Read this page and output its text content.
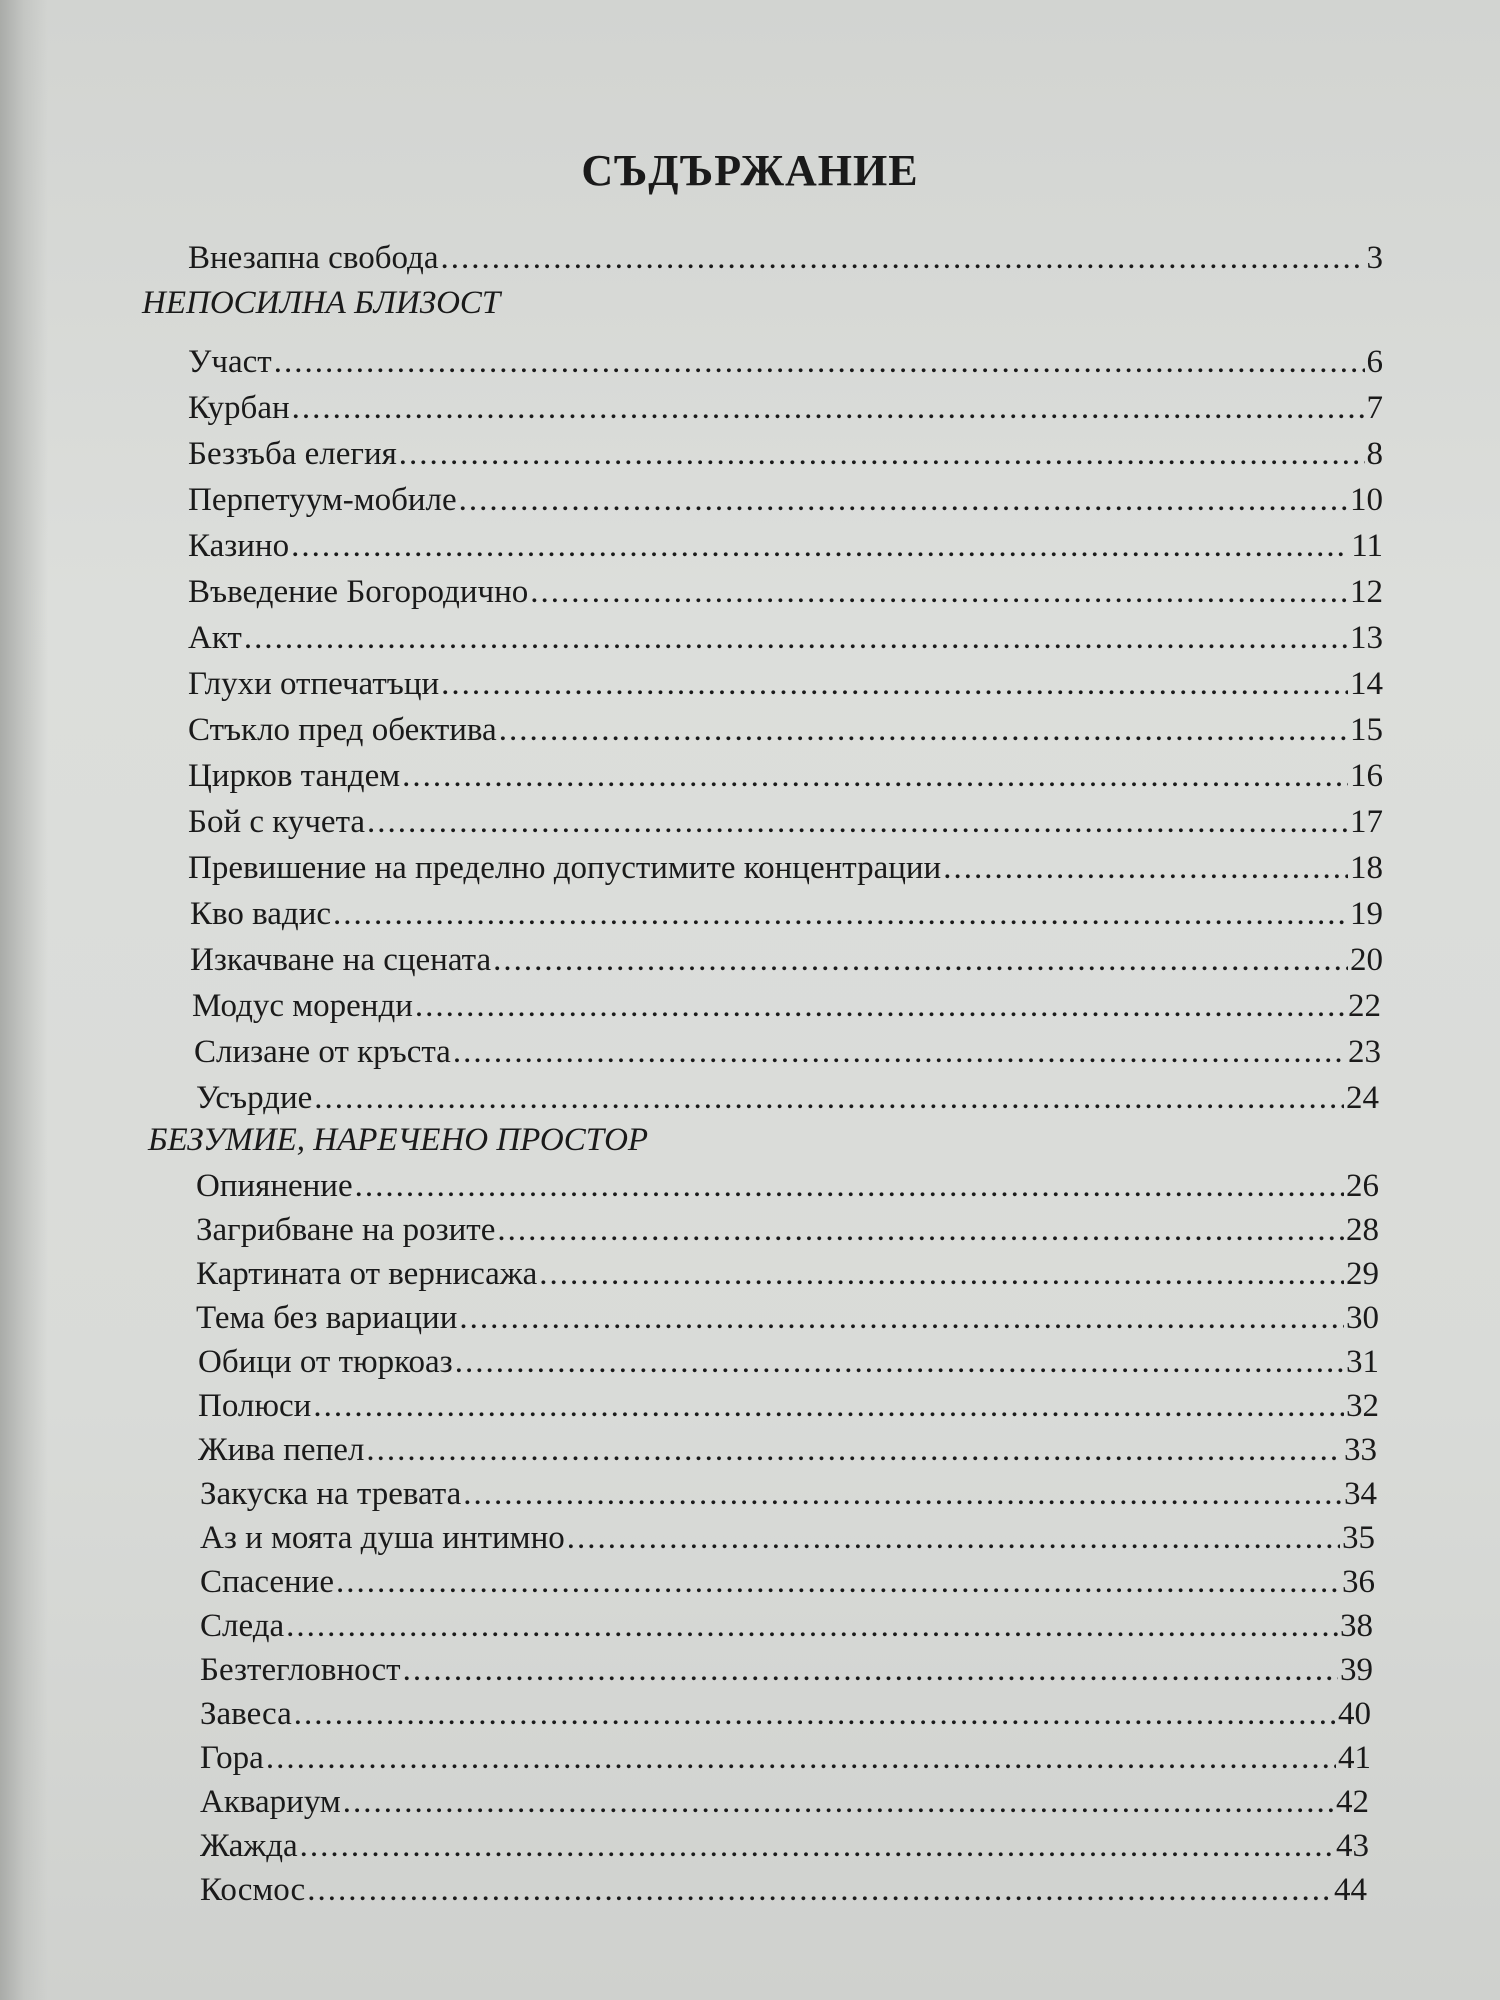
СЪДЪРЖАНИЕ
Внезапна свобода .....	3
НЕПОСИЛНА БЛИЗОСТ
Участ .....	6
Курбан .....	7
Беззъба елегия .....	8
Перпетуум-мобиле .....	10
Казино .....	11
Въведение Богородично .....	12
Акт .....	13
Глухи отпечатъци .....	14
Стъкло пред обектива .....	15
Цирков тандем .....	16
Бой с кучета .....	17
Превишение на пределно допустимите концентрации .....	18
Кво вадис .....	19
Изкачване на сцената .....	20
Модус моренди .....	22
Слизане от кръста .....	23
Усърдие .....	24
БЕЗУМИЕ, НАРЕЧЕНО ПРОСТОР
Опиянение .....	26
Загрибване на розите .....	28
Картината от вернисажа .....	29
Тема без вариации .....	30
Обици от тюркоаз .....	31
Полюси .....	32
Жива пепел .....	33
Закуска на тревата .....	34
Аз и моята душа интимно .....	35
Спасение .....	36
Следа .....	38
Безтегловност .....	39
Завеса .....	40
Гора .....	41
Аквариум .....	42
Жажда .....	43
Космос .....	44
